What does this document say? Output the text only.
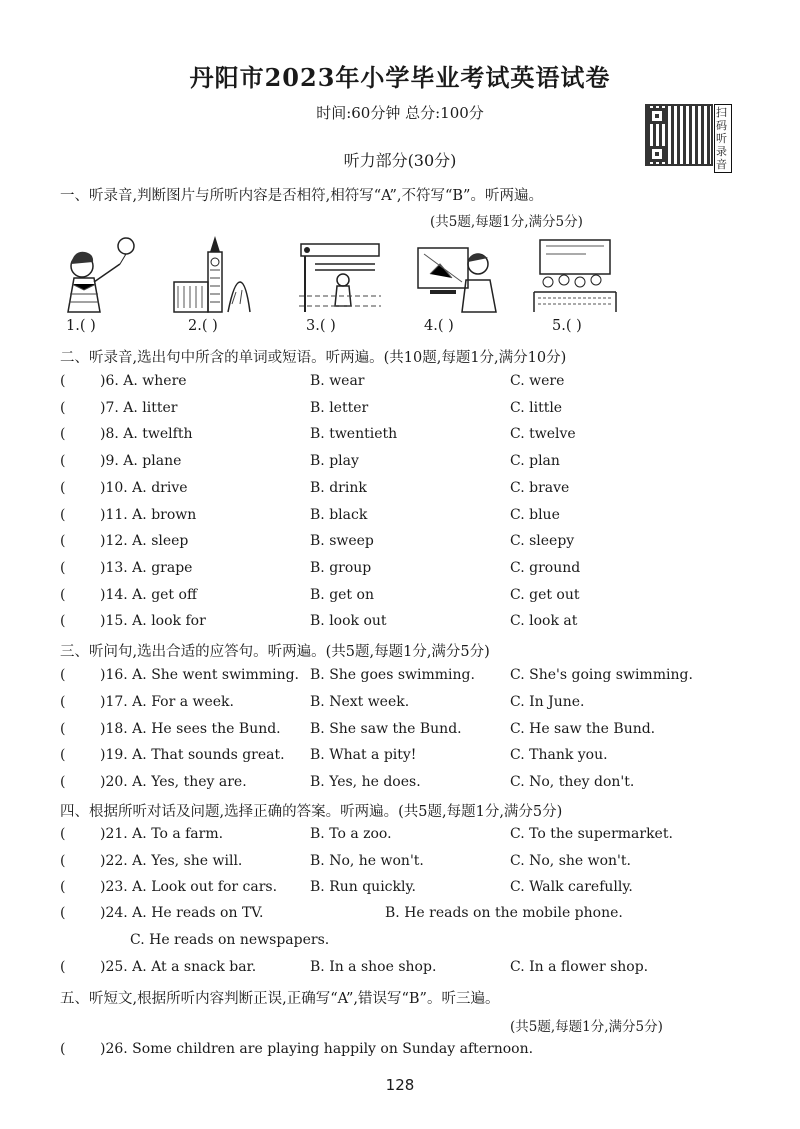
丹阳市2023年小学毕业考试英语试卷
时间:60分钟 总分:100分	扫码听录音
听力部分(30分)
一、听录音,判断图片与所听内容是否相符,相符写“A”,不符写“B”。听两遍。
(共5题,每题1分,满分5分)
1.( )	2.( )	3.( )	4.( )	5.( )
二、听录音,选出句中所含的单词或短语。听两遍。(共10题,每题1分,满分10分)
( )6. A. where	B. wear	C. were
( )7. A. litter	B. letter	C. little
( )8. A. twelfth	B. twentieth	C. twelve
( )9. A. plane	B. play	C. plan
( )10. A. drive	B. drink	C. brave
( )11. A. brown	B. black	C. blue
( )12. A. sleep	B. sweep	C. sleepy
( )13. A. grape	B. group	C. ground
( )14. A. get off	B. get on	C. get out
( )15. A. look for	B. look out	C. look at
三、听问句,选出合适的应答句。听两遍。(共5题,每题1分,满分5分)
( )16. A. She went swimming. B. She goes swimming.	C. She's going swimming.
( )17. A. For a week.	B. Next week.	C. In June.
( )18. A. He sees the Bund. B. She saw the Bund.	C. He saw the Bund.
( )19. A. That sounds great. B. What a pity!	C. Thank you.
( )20. A. Yes, they are.	B. Yes, he does.	C. No, they don't.
四、根据所听对话及问题,选择正确的答案。听两遍。(共5题,每题1分,满分5分)
( )21. A. To a farm.	B. To a zoo.	C. To the supermarket.
( )22. A. Yes, she will.	B. No, he won't.	C. No, she won't.
( )23. A. Look out for cars. B. Run quickly.	C. Walk carefully.
( )24. A. He reads on TV.	B. He reads on the mobile phone.
C. He reads on newspapers.
( )25. A. At a snack bar.	B. In a shoe shop.	C. In a flower shop.
五、听短文,根据所听内容判断正误,正确写“A”,错误写“B”。听三遍。
(共5题,每题1分,满分5分)
( )26. Some children are playing happily on Sunday afternoon.
128
